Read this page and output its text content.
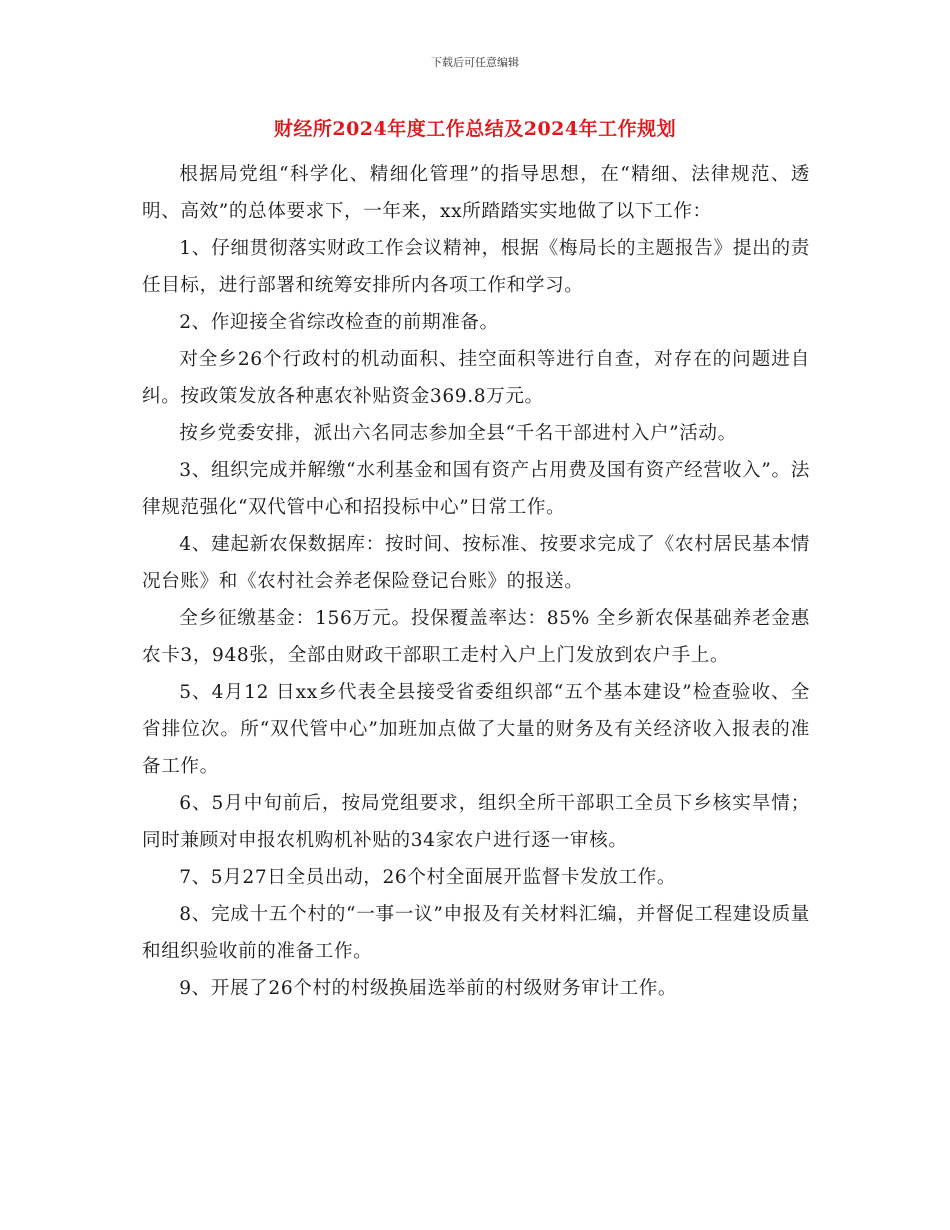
下载后可任意编辑
财经所2024年度工作总结及2024年工作规划

根据局党组“科学化、精细化管理”的指导思想，在“精细、法律规范、透明、高效”的总体要求下，一年来，xx所踏踏实实地做了以下工作：

1、仔细贯彻落实财政工作会议精神，根据《梅局长的主题报告》提出的责任目标，进行部署和统筹安排所内各项工作和学习。

2、作迎接全省综改检查的前期准备。

对全乡26个行政村的机动面积、挂空面积等进行自查，对存在的问题进自纠。按政策发放各种惠农补贴资金369.8万元。

按乡党委安排，派出六名同志参加全县“千名干部进村入户”活动。

3、组织完成并解缴“水利基金和国有资产占用费及国有资产经营收入”。法律规范强化“双代管中心和招投标中心”日常工作。

4、建起新农保数据库：按时间、按标准、按要求完成了《农村居民基本情况台账》和《农村社会养老保险登记台账》的报送。

全乡征缴基金：156万元。投保覆盖率达：85% 全乡新农保基础养老金惠农卡3，948张，全部由财政干部职工走村入户上门发放到农户手上。

5、4月12 日xx乡代表全县接受省委组织部“五个基本建设”检查验收、全省排位次。所“双代管中心”加班加点做了大量的财务及有关经济收入报表的准备工作。

6、5月中旬前后，按局党组要求，组织全所干部职工全员下乡核实旱情；同时兼顾对申报农机购机补贴的34家农户进行逐一审核。

7、5月27日全员出动，26个村全面展开监督卡发放工作。

8、完成十五个村的“一事一议”申报及有关材料汇编，并督促工程建设质量和组织验收前的准备工作。

9、开展了26个村的村级换届选举前的村级财务审计工作。
